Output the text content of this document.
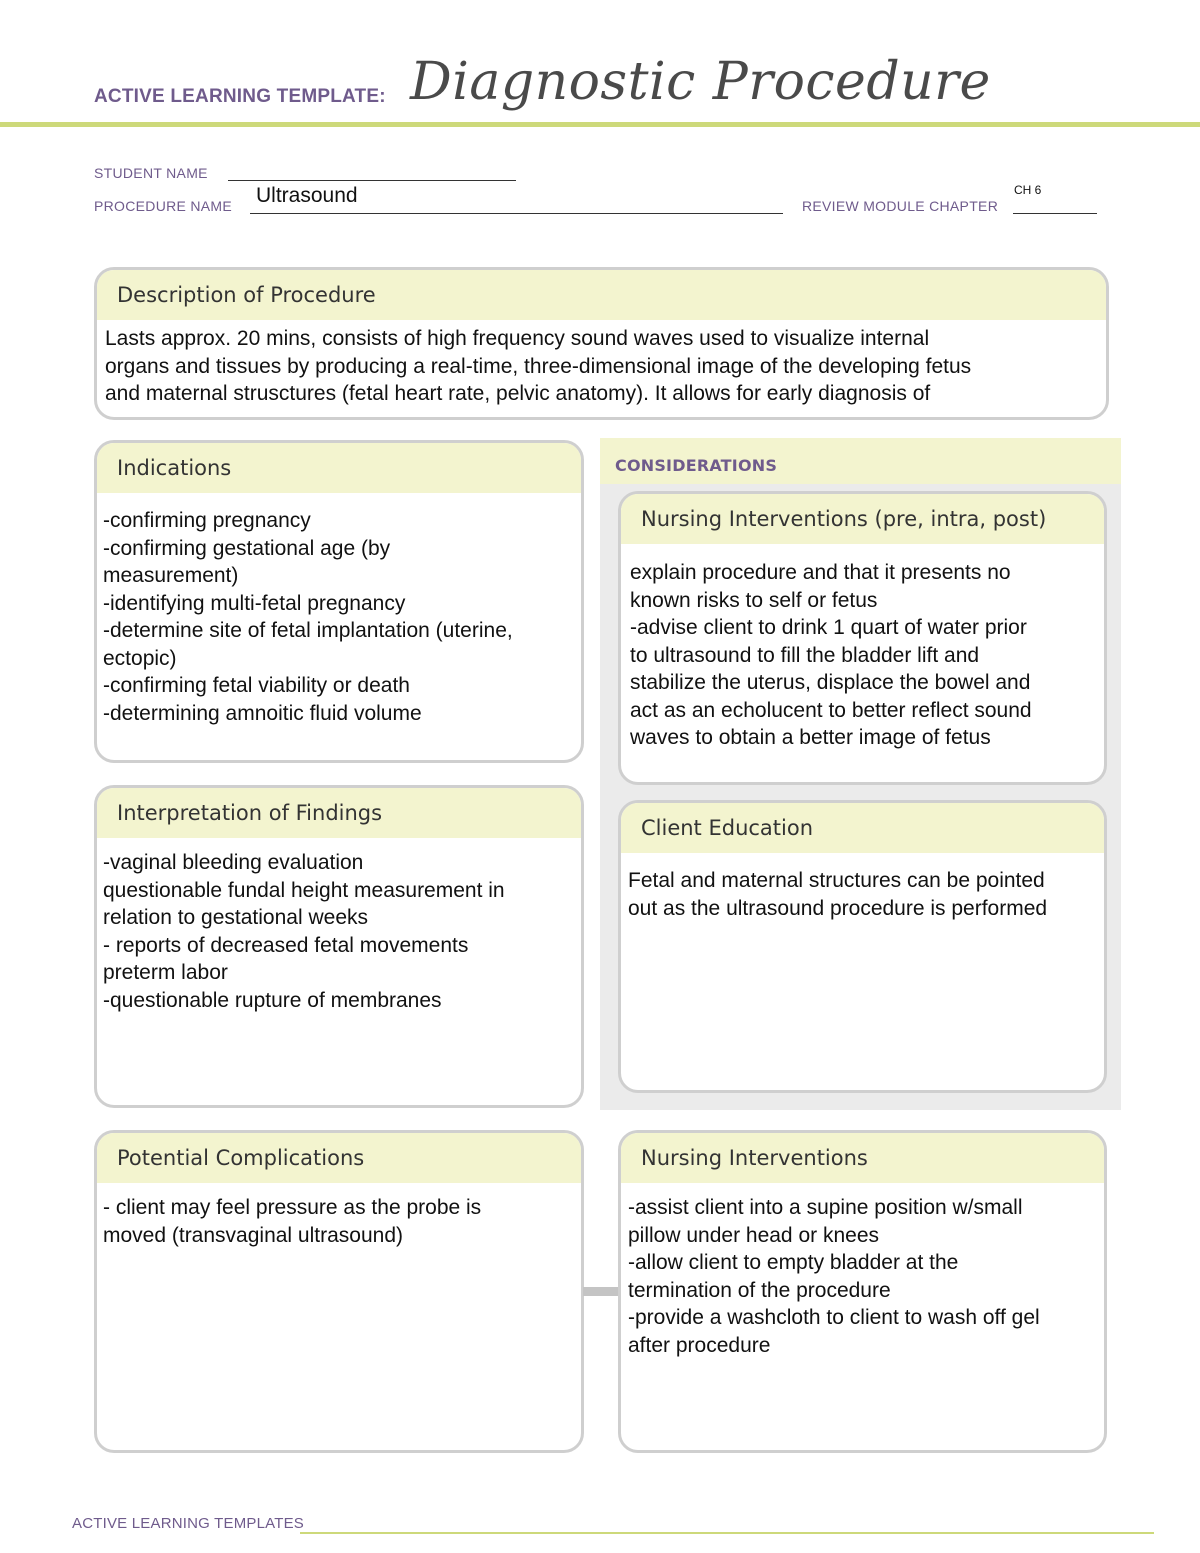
ACTIVE LEARNING TEMPLATE: Diagnostic Procedure
STUDENT NAME
PROCEDURE NAME Ultrasound	REVIEW MODULE CHAPTER
CH 6
Description of Procedure
Lasts approx. 20 mins, consists of high frequency sound waves used to visualize internal
organs and tissues by producing a real-time, three-dimensional image of the developing fetus
and maternal strusctures (fetal heart rate, pelvic anatomy). It allows for early diagnosis of
Indications
-confirming pregnancy
-confirming gestational age (by
measurement)
-identifying multi-fetal pregnancy
-determine site of fetal implantation (uterine,
ectopic)
-confirming fetal viability or death
-determining amnoitic fluid volume
CONSIDERATIONS
Nursing Interventions (pre, intra, post)
explain procedure and that it presents no
known risks to self or fetus
-advise client to drink 1 quart of water prior
to ultrasound to fill the bladder lift and
stabilize the uterus, displace the bowel and
act as an echolucent to better reflect sound
waves to obtain a better image of fetus
Client Education
Fetal and maternal structures can be pointed
out as the ultrasound procedure is performed
Interpretation of Findings
-vaginal bleeding evaluation
questionable fundal height measurement in
relation to gestational weeks
- reports of decreased fetal movements
preterm labor
-questionable rupture of membranes
Potential Complications
- client may feel pressure as the probe is
moved (transvaginal ultrasound)
Nursing Interventions
-assist client into a supine position w/small
pillow under head or knees
-allow client to empty bladder at the
termination of the procedure
-provide a washcloth to client to wash off gel
after procedure
ACTIVE LEARNING TEMPLATES
